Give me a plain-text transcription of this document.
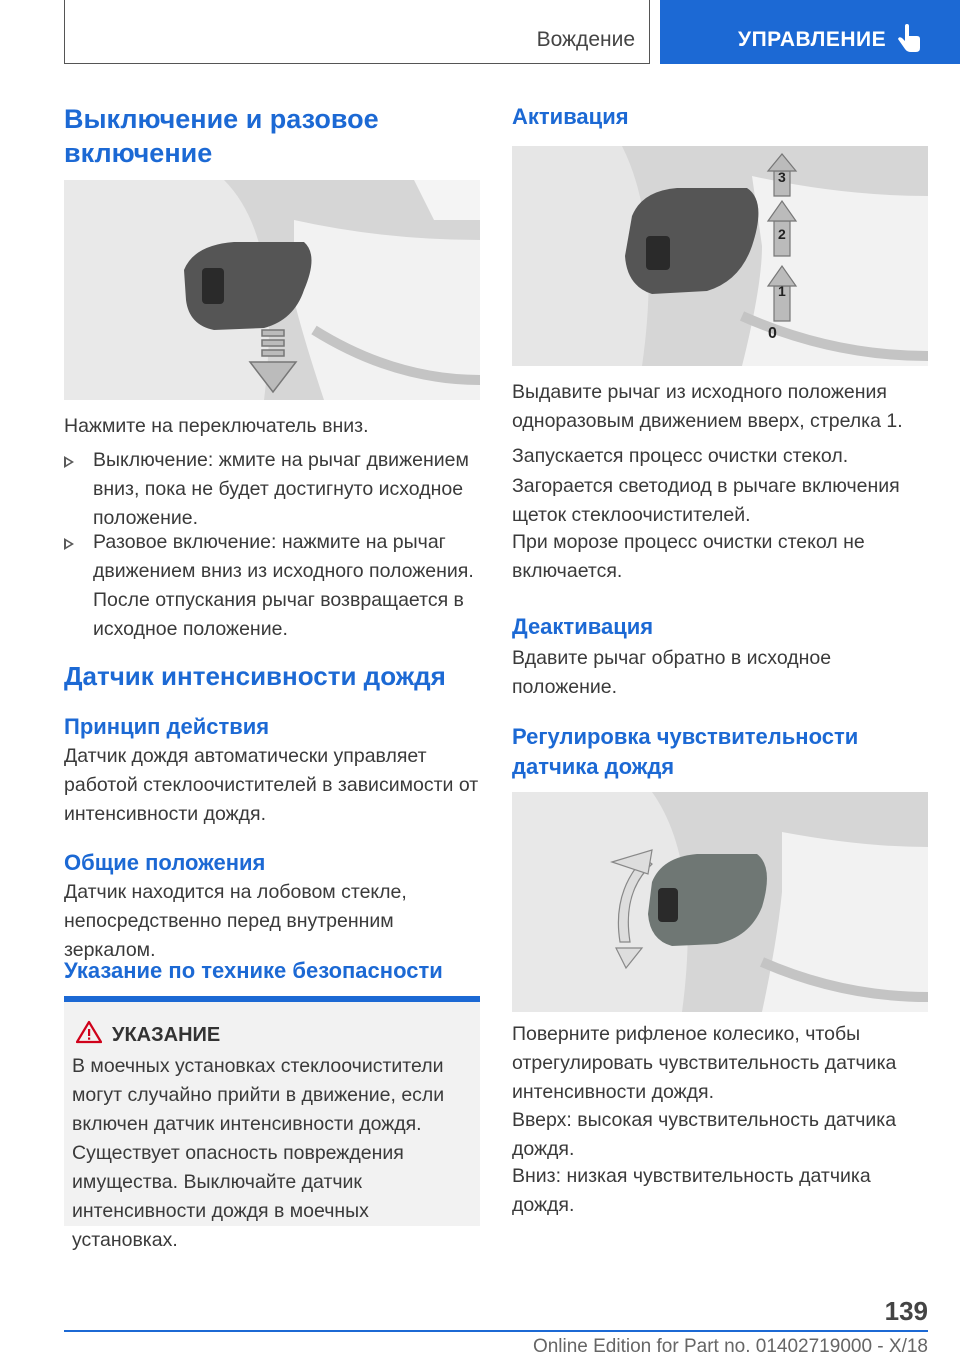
Вождение	УПРАВЛЕНИЕ
Выключение и разовое включение

Нажмите на переключатель вниз.

Выключение: жмите на рычаг движением вниз, пока не будет достигнуто исходное положение.
Разовое включение: нажмите на рычаг движением вниз из исходного положения.

После отпускания рычаг возвращается в исходное положение.

Датчик интенсивности дождя
Принцип действия

Датчик дождя автоматически управляет работой стеклоочистителей в зависимости от интенсивности дождя.

Общие положения

Датчик находится на лобовом стекле, непосредственно перед внутренним зеркалом.

Указание по технике безопасности
УКАЗАНИЕ

В моечных установках стеклоочистители могут случайно прийти в движение, если включен датчик интенсивности дождя. Существует опасность повреждения имущества. Выключайте датчик интенсивности дождя в моечных установках.

Активация
3
2
1
0

Выдавите рычаг из исходного положения одноразовым движением вверх, стрелка 1.

Запускается процесс очистки стекол.

Загорается светодиод в рычаге включения щеток стеклоочистителей.

При морозе процесс очистки стекол не включается.

Деактивация

Вдавите рычаг обратно в исходное положение.

Регулировка чувствительности датчика дождя

Поверните рифленое колесико, чтобы отрегулировать чувствительность датчика интенсивности дождя.

Вверх: высокая чувствительность датчика дождя.

Вниз: низкая чувствительность датчика дождя.

139
Online Edition for Part no. 01402719000 - X/18
